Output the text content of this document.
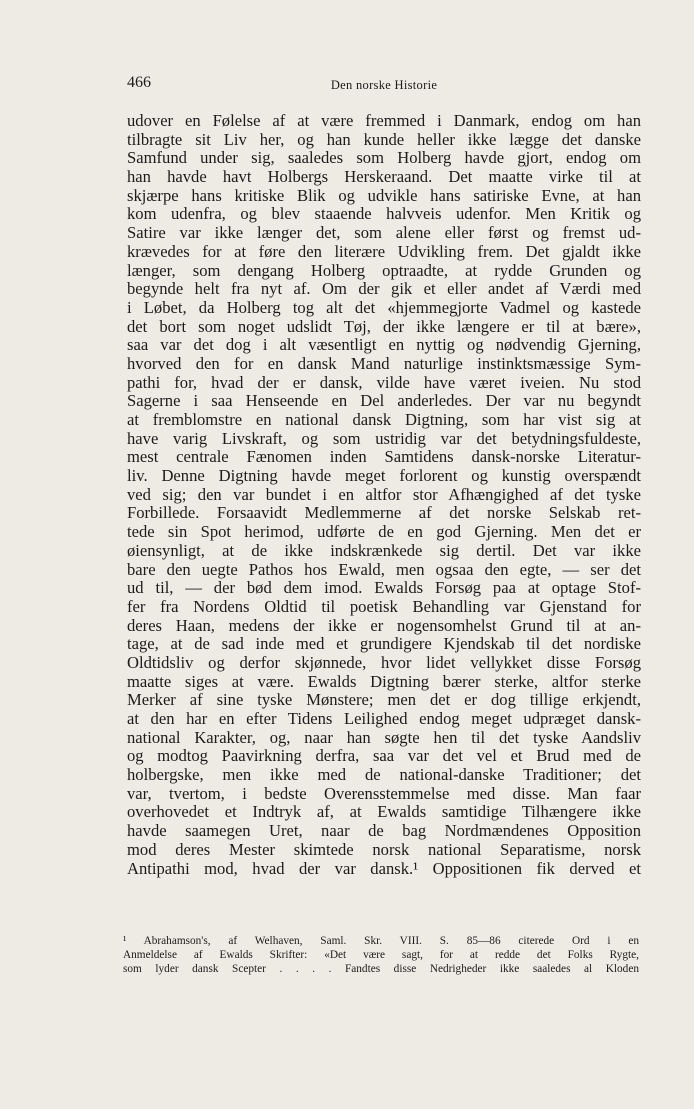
466	Den norske Historie
udover en Følelse af at være fremmed i Danmark, endog om han
tilbragte sit Liv her, og han kunde heller ikke lægge det danske
Samfund under sig, saaledes som Holberg havde gjort, endog om
han havde havt Holbergs Herskeraand. Det maatte virke til at
skjærpe hans kritiske Blik og udvikle hans satiriske Evne, at han
kom udenfra, og blev staaende halvveis udenfor. Men Kritik og
Satire var ikke længer det, som alene eller først og fremst ud-
krævedes for at føre den literære Udvikling frem. Det gjaldt ikke
længer, som dengang Holberg optraadte, at rydde Grunden og
begynde helt fra nyt af. Om der gik et eller andet af Værdi med
i Løbet, da Holberg tog alt det «hjemmegjorte Vadmel og kastede
det bort som noget udslidt Tøj, der ikke længere er til at bære»,
saa var det dog i alt væsentligt en nyttig og nødvendig Gjerning,
hvorved den for en dansk Mand naturlige instinktsmæssige Sym-
pathi for, hvad der er dansk, vilde have været iveien. Nu stod
Sagerne i saa Henseende en Del anderledes. Der var nu begyndt
at fremblomstre en national dansk Digtning, som har vist sig at
have varig Livskraft, og som ustridig var det betydningsfuldeste,
mest centrale Fænomen inden Samtidens dansk-norske Literatur-
liv. Denne Digtning havde meget forlorent og kunstig overspændt
ved sig; den var bundet i en altfor stor Afhængighed af det tyske
Forbillede. Forsaavidt Medlemmerne af det norske Selskab ret-
tede sin Spot herimod, udførte de en god Gjerning. Men det er
øiensynligt, at de ikke indskrænkede sig dertil. Det var ikke
bare den uegte Pathos hos Ewald, men ogsaa den egte, — ser det
ud til, — der bød dem imod. Ewalds Forsøg paa at optage Stof-
fer fra Nordens Oldtid til poetisk Behandling var Gjenstand for
deres Haan, medens der ikke er nogensomhelst Grund til at an-
tage, at de sad inde med et grundigere Kjendskab til det nordiske
Oldtidsliv og derfor skjønnede, hvor lidet vellykket disse Forsøg
maatte siges at være. Ewalds Digtning bærer sterke, altfor sterke
Merker af sine tyske Mønstere; men det er dog tillige erkjendt,
at den har en efter Tidens Leilighed endog meget udpræget dansk-
national Karakter, og, naar han søgte hen til det tyske Aandsliv
og modtog Paavirkning derfra, saa var det vel et Brud med de
holbergske, men ikke med de national-danske Traditioner; det
var, tvertom, i bedste Overensstemmelse med disse. Man faar
overhovedet et Indtryk af, at Ewalds samtidige Tilhængere ikke
havde saamegen Uret, naar de bag Nordmændenes Opposition
mod deres Mester skimtede norsk national Separatisme, norsk
Antipathi mod, hvad der var dansk.¹ Oppositionen fik derved et
¹ Abrahamson's, af Welhaven, Saml. Skr. VIII. S. 85—86 citerede Ord i en
Anmeldelse af Ewalds Skrifter: «Det være sagt, for at redde det Folks Rygte,
som lyder dansk Scepter . . . . Fandtes disse Nedrigheder ikke saaledes al Kloden
